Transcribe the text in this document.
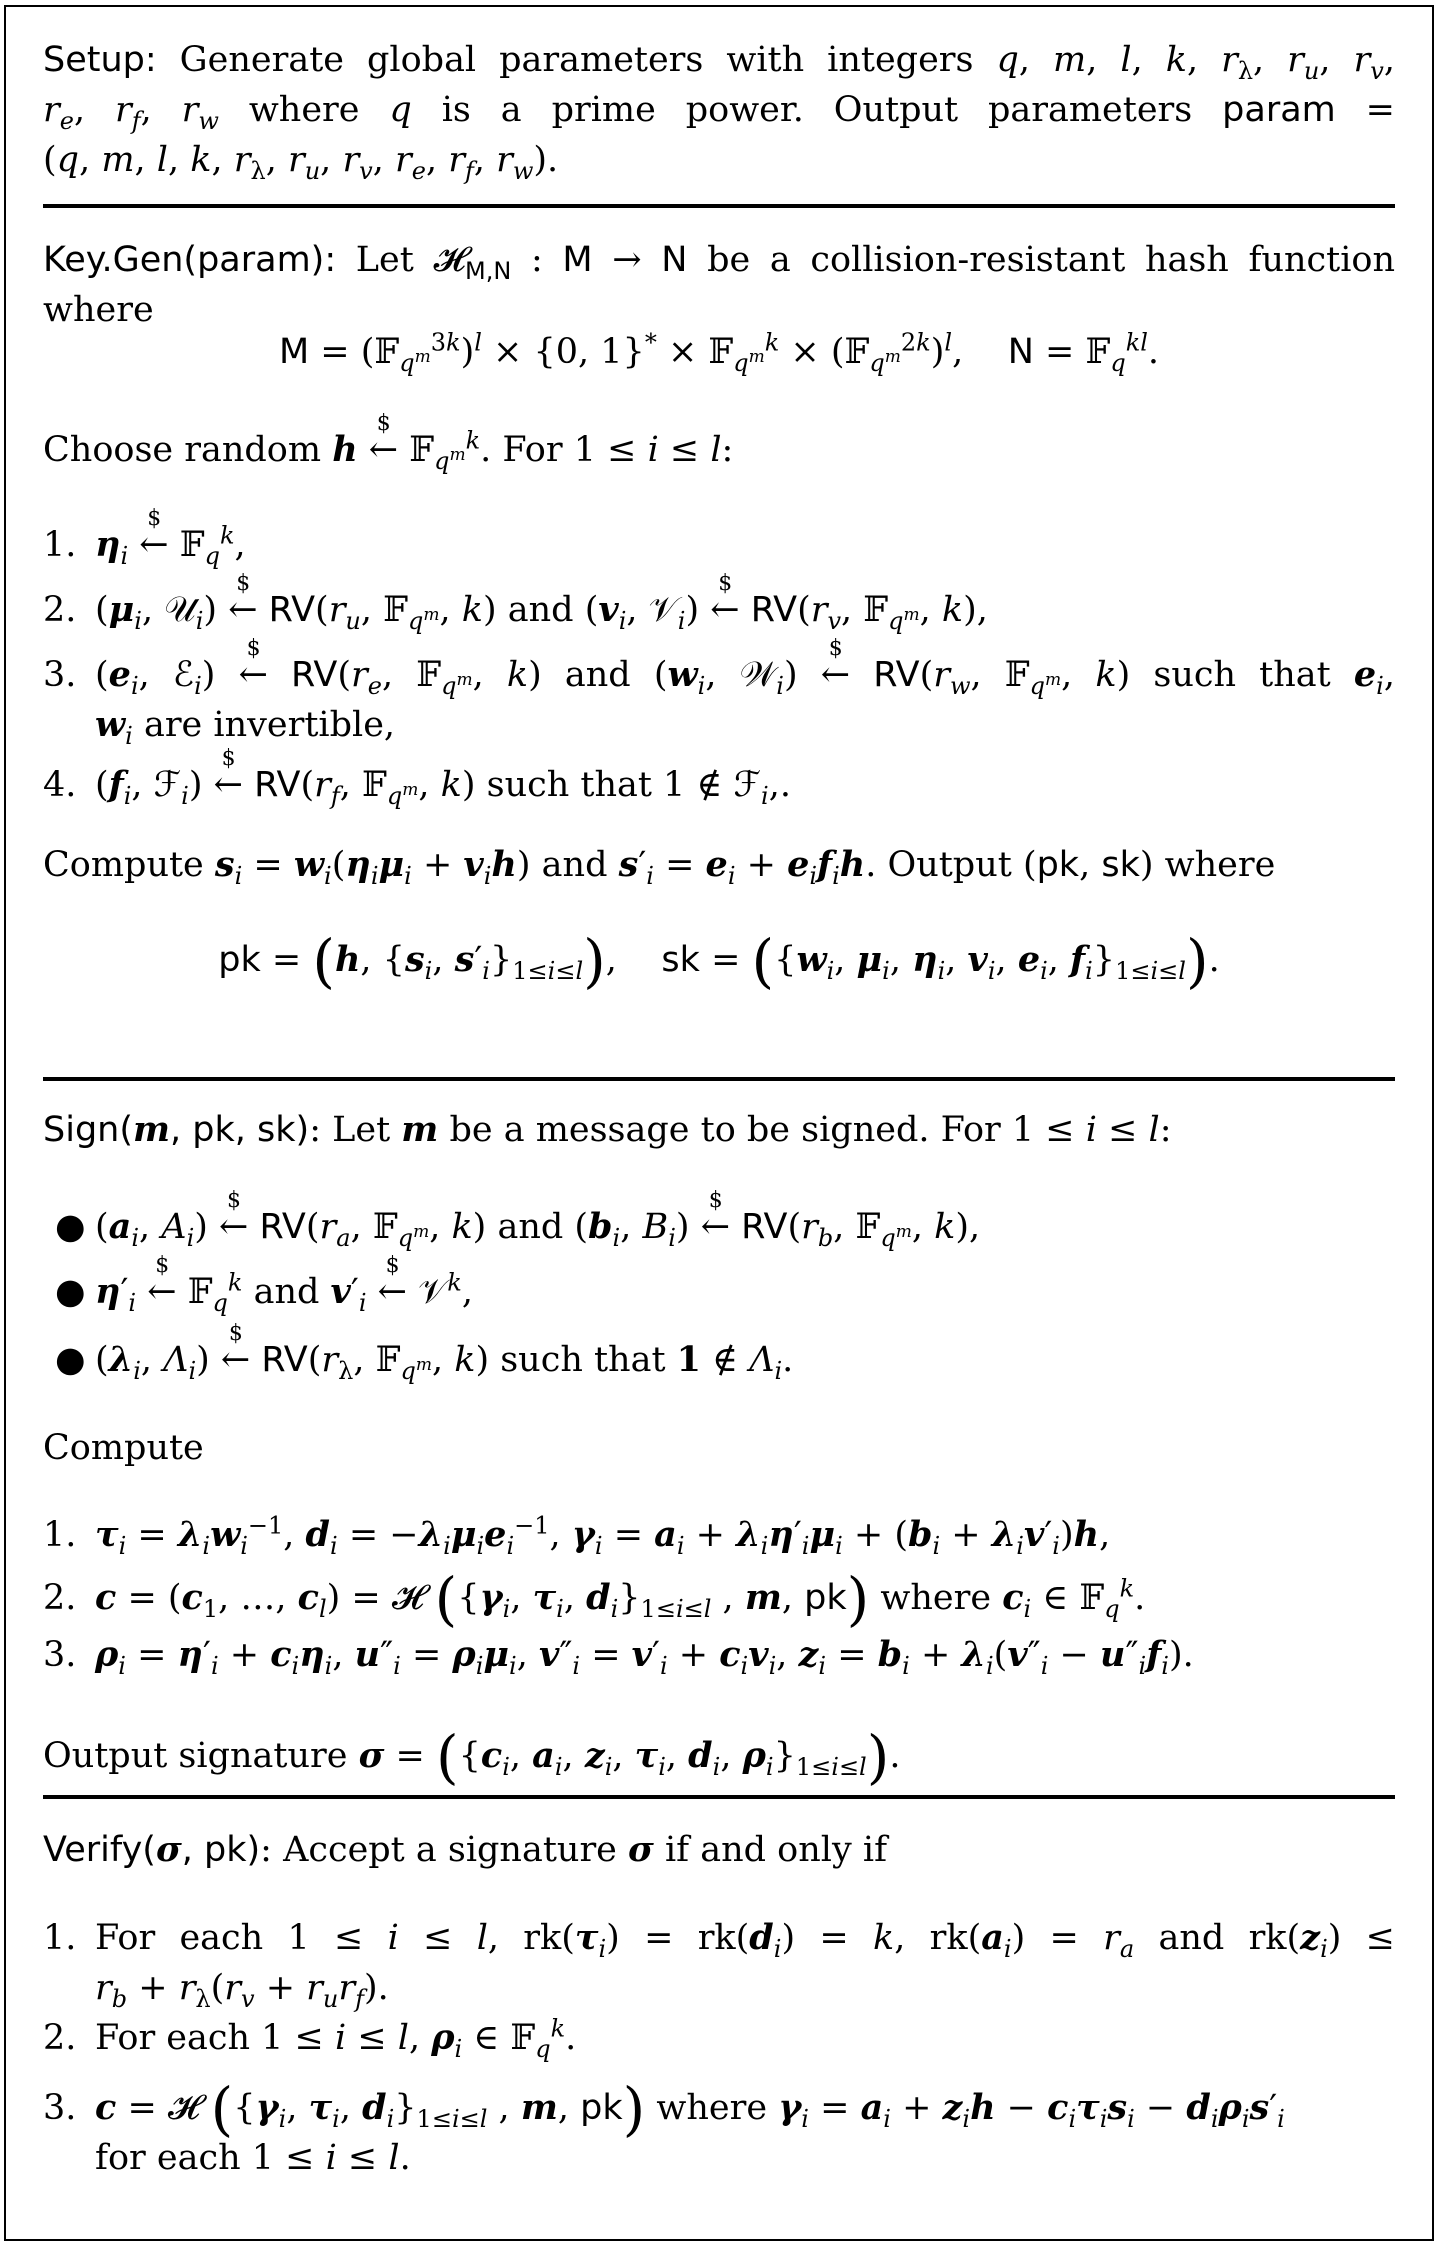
Setup: Generate global parameters with integers q, m, l, k, $r_\lambda$, $r_u$, $r_v$,
$r_e$, $r_f$, $r_w$ where q is a prime power. Output parameters param =
(q, m, l, k, $r_\lambda$, $r_u$, $r_v$, $r_e$, $r_f$, $r_w$).
Key.Gen(param): Let 𝓗$_{M,N}$ : M → N be a collision-resistant hash function
where
M = (𝔽$_{q^m}^{3k}$)$^l$ × {0, 1}* × 𝔽$_{q^m}^k$ × (𝔽$_{q^m}^{2k}$)$^l$,    N = 𝔽$_q^{kl}$.
Choose random h $ ← 𝔽$_{q^m}^k$. For 1 ≤ i ≤ l:
1. $\eta_i$ $ ← 𝔽$_q^k$,
2. ($\mu_i$, 𝒰$_i$) $ ← $RV(r_u$, 𝔽$_{q^m}$, k) and ($v_i$, 𝒱$_i$) $ ← $RV(r_v$, 𝔽$_{q^m}$, k),
3. ($e_i$, ℰ$_i$) $ ← $RV(r_e$, 𝔽$_{q^m}$, k) and ($w_i$, 𝒲$_i$) $ ← $RV(r_w$, 𝔽$_{q^m}$, k) such that $e_i$,
$w_i$ are invertible,
4. ($f_i$, ℱ$_i$) $ ← $RV(r_f$, 𝔽$_{q^m}$, k) such that 1 ∉ ℱ$_i$,.
Compute $s_i = w_i(\eta_i\mu_i + v_ih)$ and $s'_i = e_i + e_if_ih$. Output (pk, sk) where
pk = (h, {$s_i$, $s'_i\}_{1\le i\le l}$),    sk = ({$w_i$, $\mu_i$, $\eta_i$, $v_i$, $e_i$, $f_i\}_{1\le i\le l}$).
Sign(m, pk, sk): Let m be a message to be signed. For 1 ≤ i ≤ l:
● ($a_i$, $A_i$) $ ← $RV(r_a$, 𝔽$_{q^m}$, k) and ($b_i$, $B_i$) $ ← $RV(r_b$, 𝔽$_{q^m}$, k),
● $\eta'_i$ $ ← 𝔽$_q^k$ and $v'_i$ $ ← 𝒱$^k$,
● ($\lambda_i$, $\Lambda_i$) $ ← $RV(r_\lambda$, 𝔽$_{q^m}$, k) such that 1 ∉ $\Lambda_i$.
Compute
1. $\tau_i = \lambda_iw_i^{-1}$, $d_i = -\lambda_i\mu_ie_i^{-1}$, $\gamma_i = a_i + \lambda_i\eta'_i\mu_i + (b_i + \lambda_iv'_i)h$,
2. $c = (c_1$, …, $c_l$) = 𝓗 ({$\gamma_i$, $\tau_i$, $d_i\}_{1\le i\le l}$ , m, pk) where $c_i$ ∈ 𝔽$_q^k$.
3. $\rho_i = \eta'_i + c_i\eta_i$, $u''_i = \rho_i\mu_i$, $v''_i = v'_i + c_iv_i$, $z_i = b_i + \lambda_i(v''_i - u''_if_i)$.
Output signature $\sigma = (\{c_i$, $a_i$, $z_i$, $\tau_i$, $d_i$, $\rho_i\}_{1\le i\le l}$).
Verify(σ, pk): Accept a signature σ if and only if
1. For each 1 ≤ i ≤ l, $rk(\tau_i) = rk(d_i) = k$, $rk(a_i) = r_a$ and $rk(z_i)$ ≤
$r_b + r_\lambda(r_v + r_ur_f)$.
2. For each 1 ≤ i ≤ l, $\rho_i$ ∈ 𝔽$_q^k$.
3. c = 𝓗 ({$\gamma_i$, $\tau_i$, $d_i\}_{1\le i\le l}$ , m, pk) where $\gamma_i = a_i + z_ih - c_i\tau_is_i - d_i\rho_is'_i$
for each 1 ≤ i ≤ l.
